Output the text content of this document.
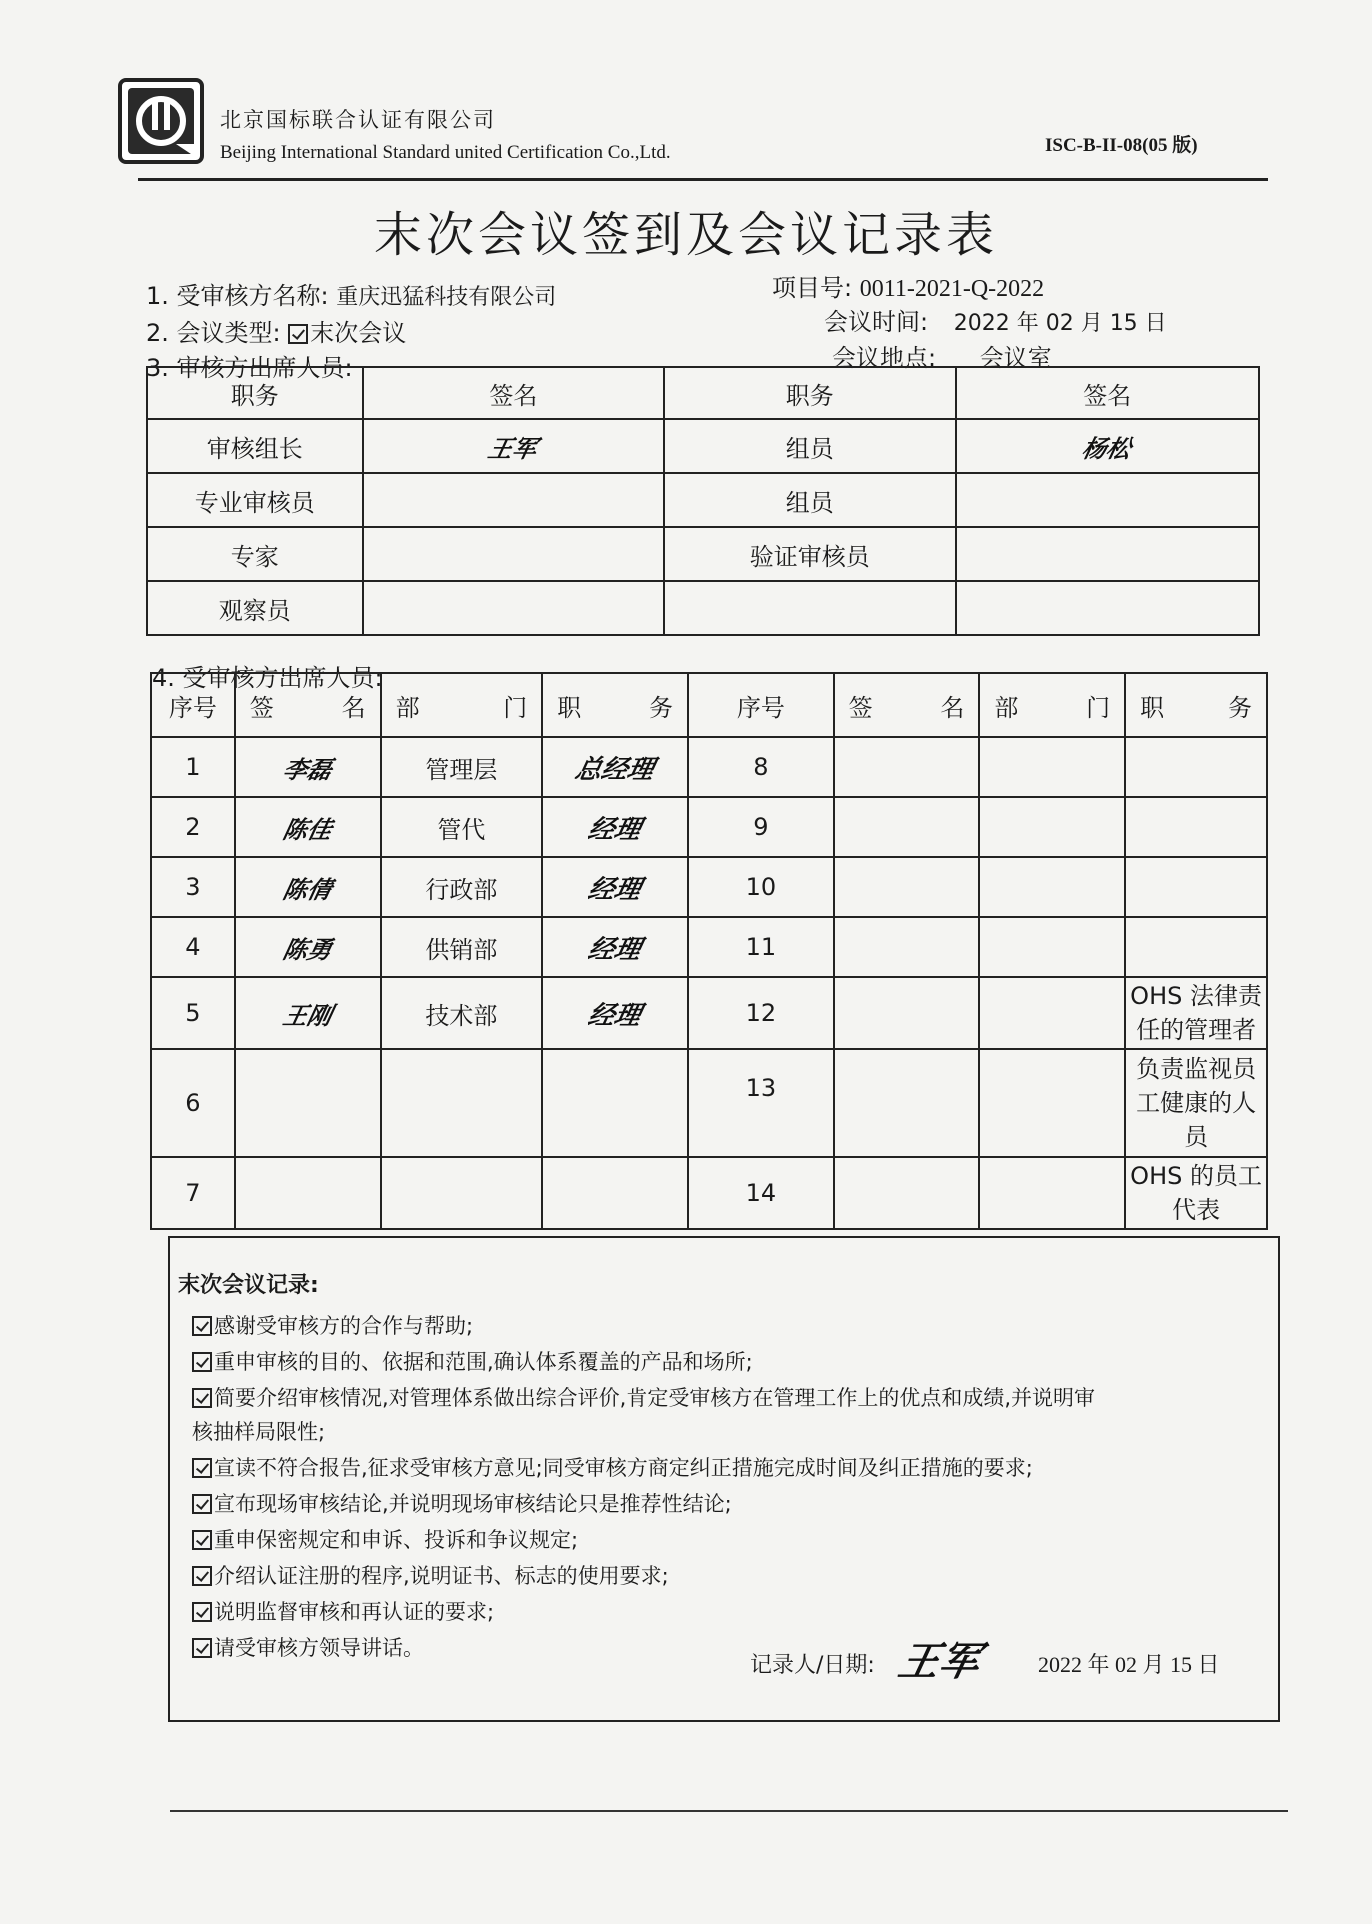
北京国标联合认证有限公司
Beijing International Standard united Certification Co.,Ltd.	ISC-B-II-08(05 版)
末次会议签到及会议记录表
1. 受审核方名称: 重庆迅猛科技有限公司	项目号: 0011-2021-Q-2022
2. 会议类型: 末次会议	会议时间: 2022 年 02 月 15 日
3. 审核方出席人员:	会议地点: 会议室
职务	签名	职务	签名
审核组长	王军	组员	杨松
专业审核员		组员	
专家		验证审核员	
观察员			
4. 受审核方出席人员:
序号	签 名	部 门	职 务	序号	签 名	部 门	职 务

1	李磊	管理层	总经理	8			
2	陈佳	管代	经理	9			
3	陈倩	行政部	经理	10			
4	陈勇	供销部	经理	11			
5	王刚	技术部	经理	12			OHS 法律责任的管理者
6				13			负责监视员工健康的人员
7				14			OHS 的员工代表
末次会议记录:
感谢受审核方的合作与帮助;
重申审核的目的、依据和范围,确认体系覆盖的产品和场所;
简要介绍审核情况,对管理体系做出综合评价,肯定受审核方在管理工作上的优点和成绩,并说明审
核抽样局限性;
宣读不符合报告,征求受审核方意见;同受审核方商定纠正措施完成时间及纠正措施的要求;
宣布现场审核结论,并说明现场审核结论只是推荐性结论;
重申保密规定和申诉、投诉和争议规定;
介绍认证注册的程序,说明证书、标志的使用要求;
说明监督审核和再认证的要求;
请受审核方领导讲话。
记录人/日期: 王军 2022 年 02 月 15 日
